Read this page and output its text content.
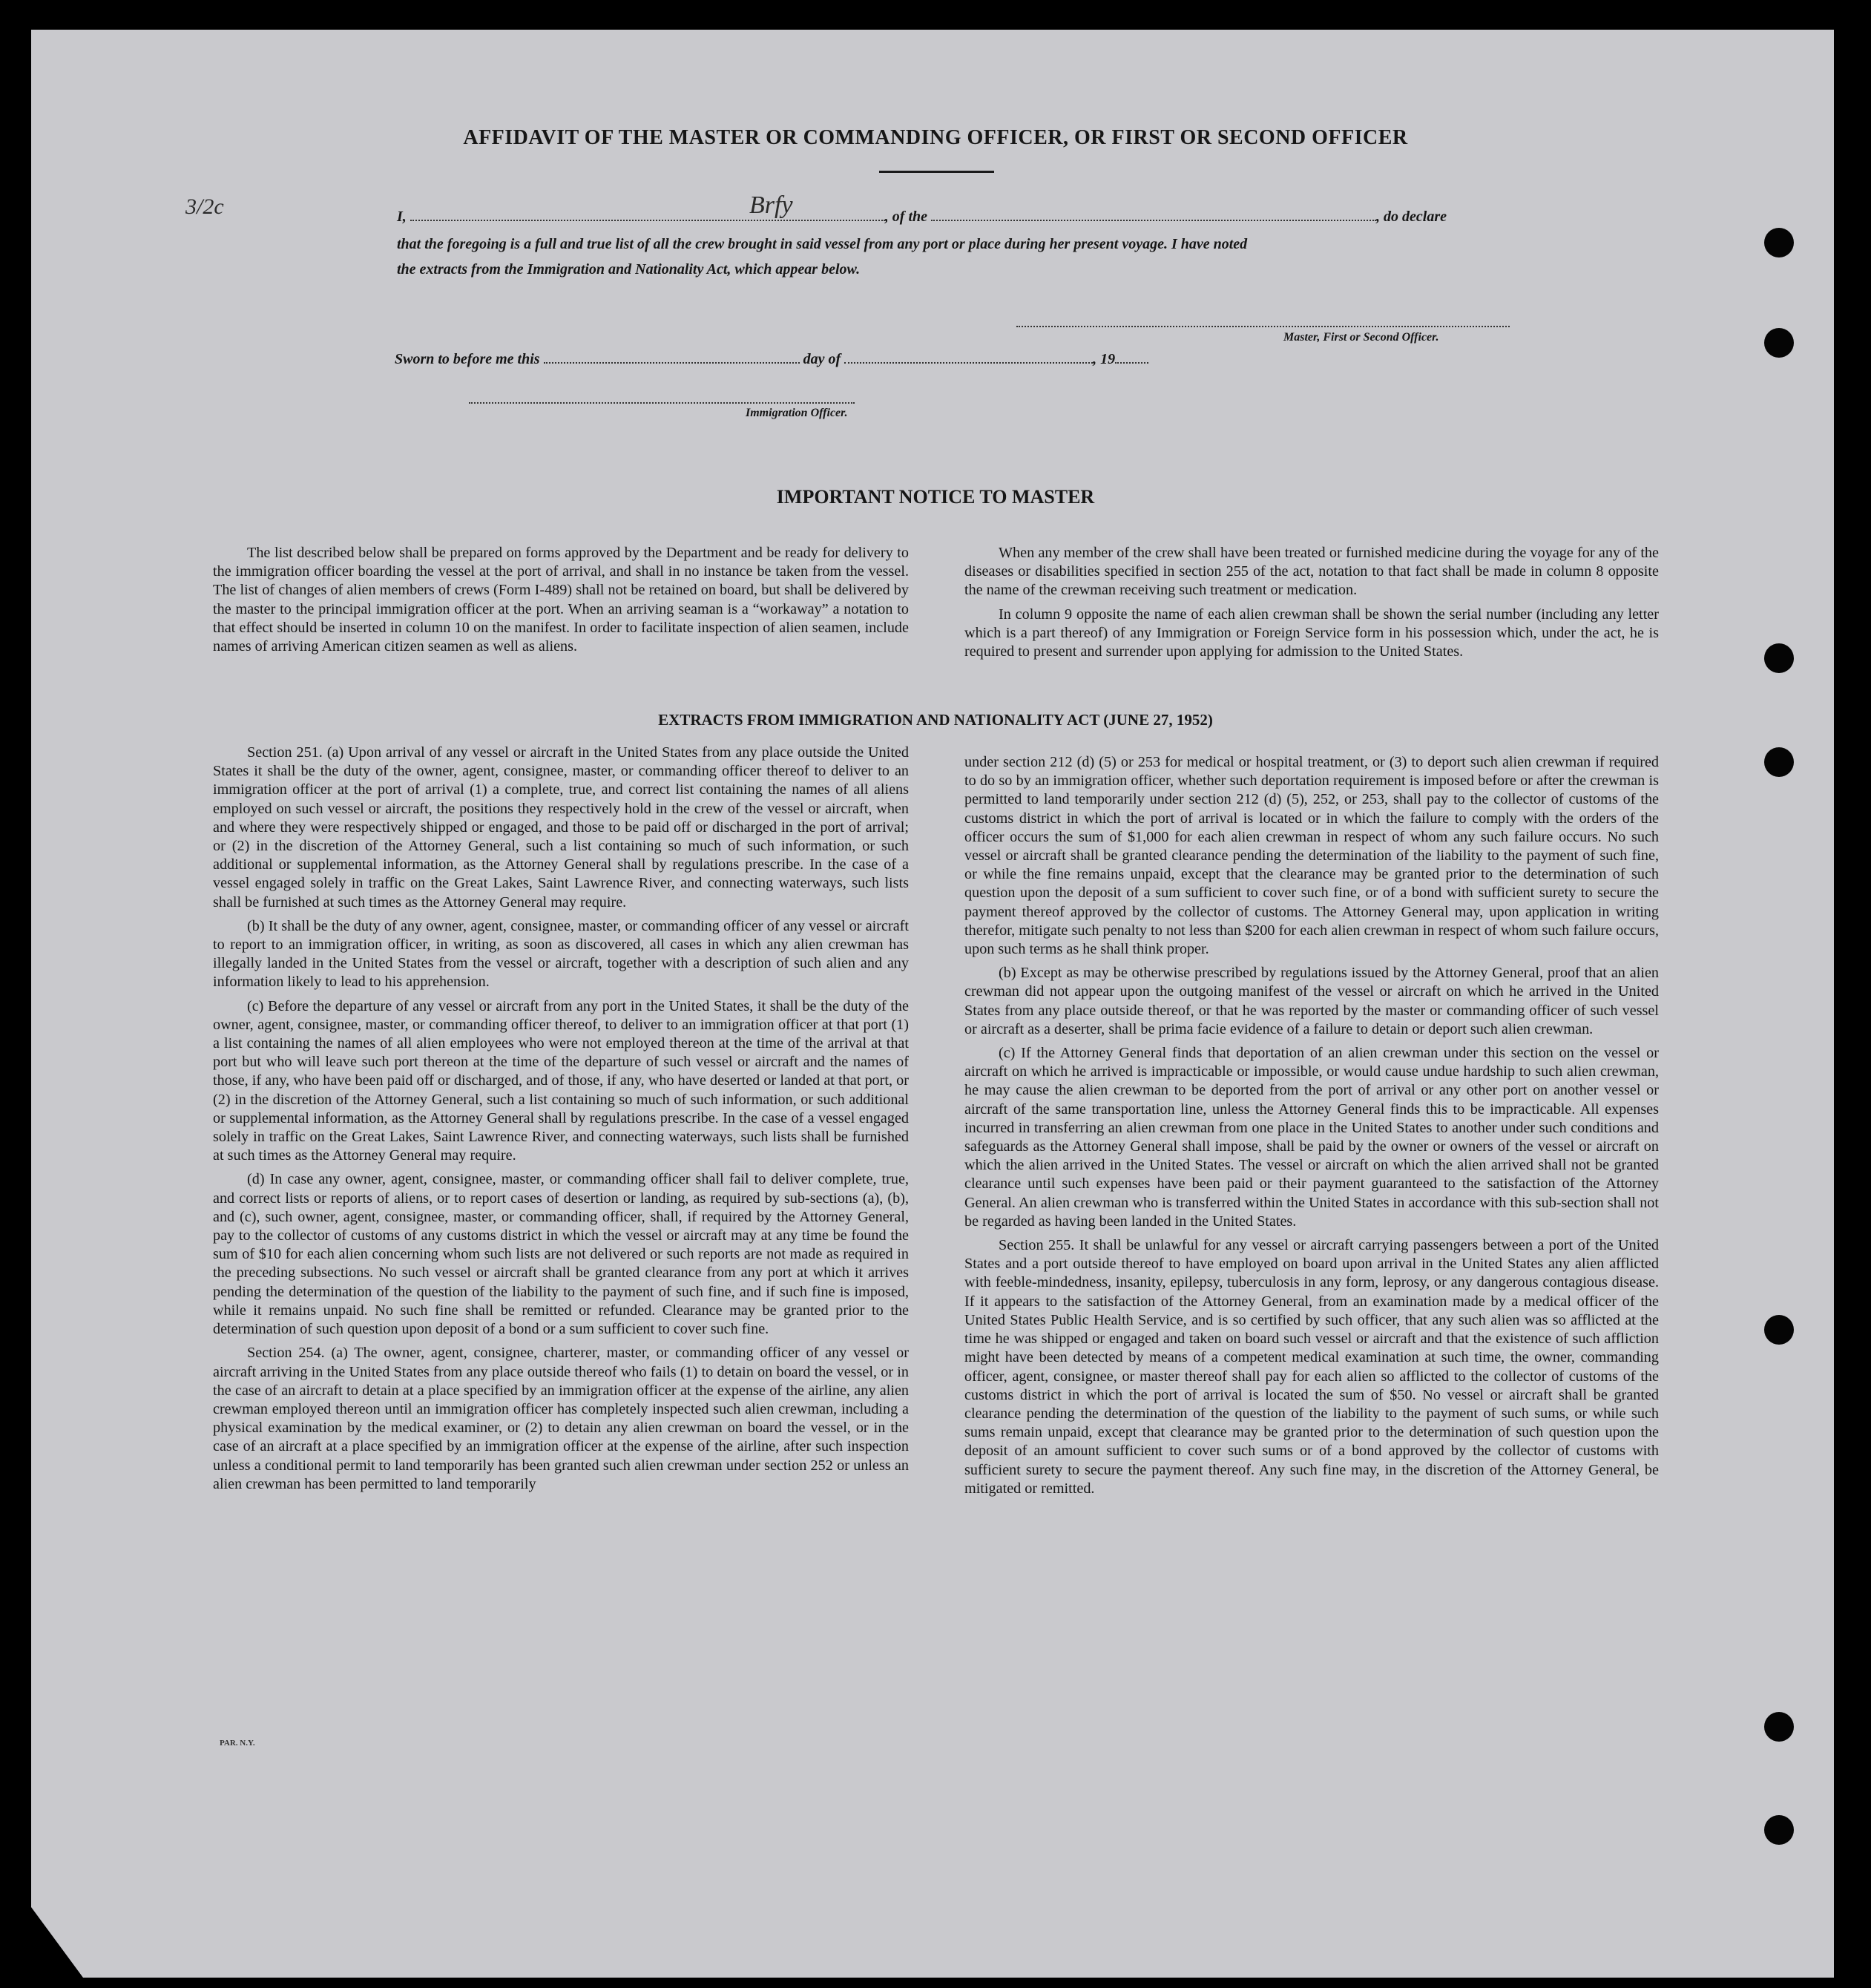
AFFIDAVIT OF THE MASTER OR COMMANDING OFFICER, OR FIRST OR SECOND OFFICER
3/2c	I,	, of the	, do declare
Brfy
that the foregoing is a full and true list of all the crew brought in said vessel from any port or place during her present voyage. I have noted
the extracts from the Immigration and Nationality Act, which appear below.
Master, First or Second Officer.
Sworn to before me this	day of	, 19
Immigration Officer.
IMPORTANT NOTICE TO MASTER

The list described below shall be prepared on forms approved by the Department and be ready for delivery to the immigration officer boarding the vessel at the port of arrival, and shall in no instance be taken from the vessel. The list of changes of alien members of crews (Form I-489) shall not be retained on board, but shall be delivered by the master to the principal immigration officer at the port. When an arriving seaman is a “workaway” a notation to that effect should be inserted in column 10 on the manifest. In order to facilitate inspection of alien seamen, include names of arriving American citizen seamen as well as aliens.

When any member of the crew shall have been treated or furnished medicine during the voyage for any of the diseases or disabilities specified in section 255 of the act, notation to that fact shall be made in column 8 opposite the name of the crewman receiving such treatment or medication.

In column 9 opposite the name of each alien crewman shall be shown the serial number (including any letter which is a part thereof) of any Immigration or Foreign Service form in his possession which, under the act, he is required to present and surrender upon applying for admission to the United States.

EXTRACTS FROM IMMIGRATION AND NATIONALITY ACT (JUNE 27, 1952)

Section 251. (a) Upon arrival of any vessel or aircraft in the United States from any place outside the United States it shall be the duty of the owner, agent, consignee, master, or commanding officer thereof to deliver to an immigration officer at the port of arrival (1) a complete, true, and correct list containing the names of all aliens employed on such vessel or aircraft, the positions they respectively hold in the crew of the vessel or aircraft, when and where they were respectively shipped or engaged, and those to be paid off or discharged in the port of arrival; or (2) in the discretion of the Attorney General, such a list containing so much of such information, or such additional or supplemental information, as the Attorney General shall by regulations prescribe. In the case of a vessel engaged solely in traffic on the Great Lakes, Saint Lawrence River, and connecting waterways, such lists shall be furnished at such times as the Attorney General may require.

(b) It shall be the duty of any owner, agent, consignee, master, or commanding officer of any vessel or aircraft to report to an immigration officer, in writing, as soon as discovered, all cases in which any alien crewman has illegally landed in the United States from the vessel or aircraft, together with a description of such alien and any information likely to lead to his apprehension.

(c) Before the departure of any vessel or aircraft from any port in the United States, it shall be the duty of the owner, agent, consignee, master, or commanding officer thereof, to deliver to an immigration officer at that port (1) a list containing the names of all alien employees who were not employed thereon at the time of the arrival at that port but who will leave such port thereon at the time of the departure of such vessel or aircraft and the names of those, if any, who have been paid off or discharged, and of those, if any, who have deserted or landed at that port, or (2) in the discretion of the Attorney General, such a list containing so much of such information, or such additional or supplemental information, as the Attorney General shall by regulations prescribe. In the case of a vessel engaged solely in traffic on the Great Lakes, Saint Lawrence River, and connecting waterways, such lists shall be furnished at such times as the Attorney General may require.

(d) In case any owner, agent, consignee, master, or commanding officer shall fail to deliver complete, true, and correct lists or reports of aliens, or to report cases of desertion or landing, as required by sub-sections (a), (b), and (c), such owner, agent, consignee, master, or commanding officer, shall, if required by the Attorney General, pay to the collector of customs of any customs district in which the vessel or aircraft may at any time be found the sum of $10 for each alien concerning whom such lists are not delivered or such reports are not made as required in the preceding subsections. No such vessel or aircraft shall be granted clearance from any port at which it arrives pending the determination of the question of the liability to the payment of such fine, and if such fine is imposed, while it remains unpaid. No such fine shall be remitted or refunded. Clearance may be granted prior to the determination of such question upon deposit of a bond or a sum sufficient to cover such fine.

Section 254. (a) The owner, agent, consignee, charterer, master, or commanding officer of any vessel or aircraft arriving in the United States from any place outside thereof who fails (1) to detain on board the vessel, or in the case of an aircraft to detain at a place specified by an immigration officer at the expense of the airline, any alien crewman employed thereon until an immigration officer has completely inspected such alien crewman, including a physical examination by the medical examiner, or (2) to detain any alien crewman on board the vessel, or in the case of an aircraft at a place specified by an immigration officer at the expense of the airline, after such inspection unless a conditional permit to land temporarily has been granted such alien crewman under section 252 or unless an alien crewman has been permitted to land temporarily

under section 212 (d) (5) or 253 for medical or hospital treatment, or (3) to deport such alien crewman if required to do so by an immigration officer, whether such deportation requirement is imposed before or after the crewman is permitted to land temporarily under section 212 (d) (5), 252, or 253, shall pay to the collector of customs of the customs district in which the port of arrival is located or in which the failure to comply with the orders of the officer occurs the sum of $1,000 for each alien crewman in respect of whom any such failure occurs. No such vessel or aircraft shall be granted clearance pending the determination of the liability to the payment of such fine, or while the fine remains unpaid, except that the clearance may be granted prior to the determination of such question upon the deposit of a sum sufficient to cover such fine, or of a bond with sufficient surety to secure the payment thereof approved by the collector of customs. The Attorney General may, upon application in writing therefor, mitigate such penalty to not less than $200 for each alien crewman in respect of whom such failure occurs, upon such terms as he shall think proper.

(b) Except as may be otherwise prescribed by regulations issued by the Attorney General, proof that an alien crewman did not appear upon the outgoing manifest of the vessel or aircraft on which he arrived in the United States from any place outside thereof, or that he was reported by the master or commanding officer of such vessel or aircraft as a deserter, shall be prima facie evidence of a failure to detain or deport such alien crewman.

(c) If the Attorney General finds that deportation of an alien crewman under this section on the vessel or aircraft on which he arrived is impracticable or impossible, or would cause undue hardship to such alien crewman, he may cause the alien crewman to be deported from the port of arrival or any other port on another vessel or aircraft of the same transportation line, unless the Attorney General finds this to be impracticable. All expenses incurred in transferring an alien crewman from one place in the United States to another under such conditions and safeguards as the Attorney General shall impose, shall be paid by the owner or owners of the vessel or aircraft on which the alien arrived in the United States. The vessel or aircraft on which the alien arrived shall not be granted clearance until such expenses have been paid or their payment guaranteed to the satisfaction of the Attorney General. An alien crewman who is transferred within the United States in accordance with this sub-section shall not be regarded as having been landed in the United States.

Section 255. It shall be unlawful for any vessel or aircraft carrying passengers between a port of the United States and a port outside thereof to have employed on board upon arrival in the United States any alien afflicted with feeble-mindedness, insanity, epilepsy, tuberculosis in any form, leprosy, or any dangerous contagious disease. If it appears to the satisfaction of the Attorney General, from an examination made by a medical officer of the United States Public Health Service, and is so certified by such officer, that any such alien was so afflicted at the time he was shipped or engaged and taken on board such vessel or aircraft and that the existence of such affliction might have been detected by means of a competent medical examination at such time, the owner, commanding officer, agent, consignee, or master thereof shall pay for each alien so afflicted to the collector of customs of the customs district in which the port of arrival is located the sum of $50. No vessel or aircraft shall be granted clearance pending the determination of the question of the liability to the payment of such sums, or while such sums remain unpaid, except that clearance may be granted prior to the determination of such question upon the deposit of an amount sufficient to cover such sums or of a bond approved by the collector of customs with sufficient surety to secure the payment thereof. Any such fine may, in the discretion of the Attorney General, be mitigated or remitted.

PAR. N.Y.
